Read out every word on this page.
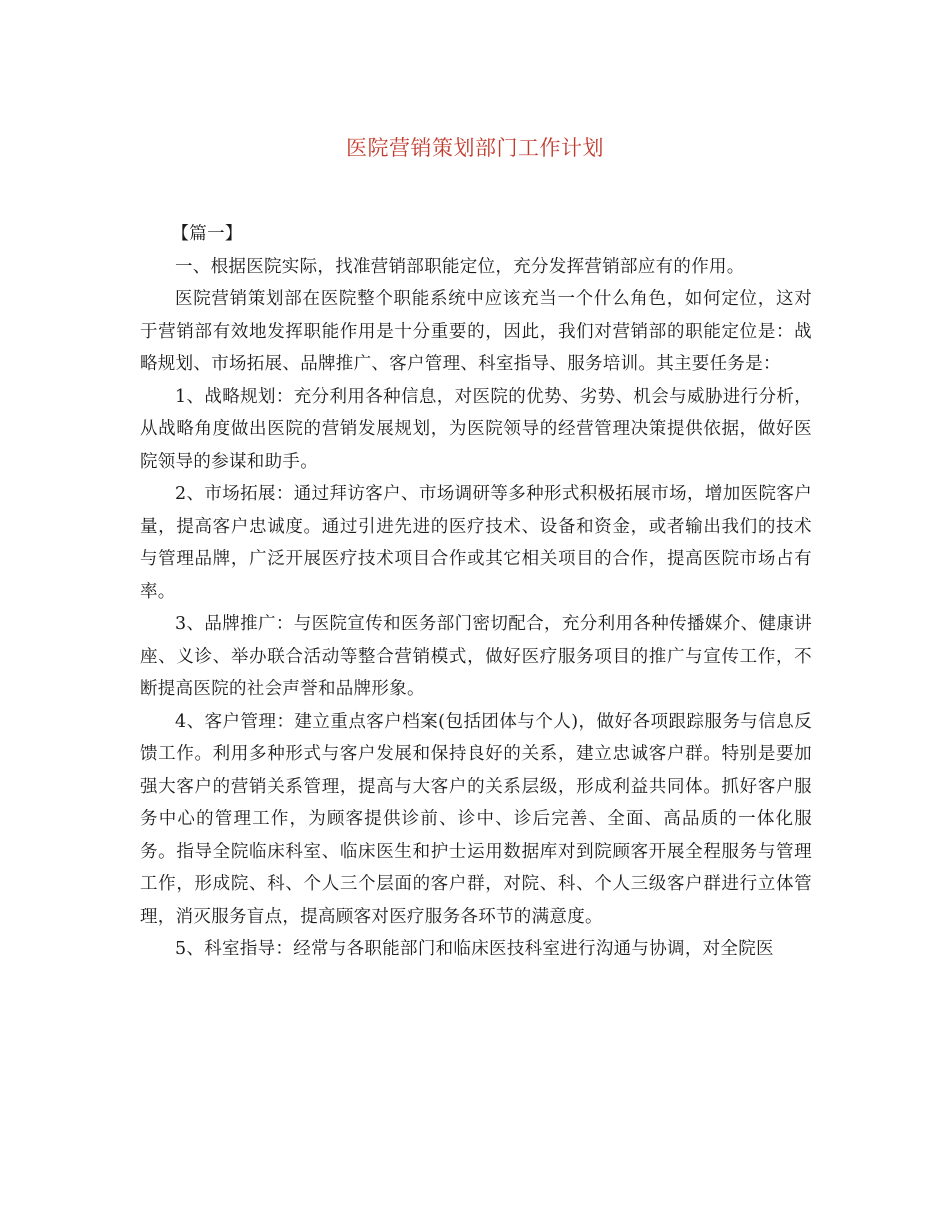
医院营销策划部门工作计划

【篇一】

一、根据医院实际，找准营销部职能定位，充分发挥营销部应有的作用。

医院营销策划部在医院整个职能系统中应该充当一个什么角色，如何定位，这对于营销部有效地发挥职能作用是十分重要的，因此，我们对营销部的职能定位是：战略规划、市场拓展、品牌推广、客户管理、科室指导、服务培训。其主要任务是：

1、战略规划：充分利用各种信息，对医院的优势、劣势、机会与威胁进行分析，从战略角度做出医院的营销发展规划，为医院领导的经营管理决策提供依据，做好医院领导的参谋和助手。

2、市场拓展：通过拜访客户、市场调研等多种形式积极拓展市场，增加医院客户量，提高客户忠诚度。通过引进先进的医疗技术、设备和资金，或者输出我们的技术与管理品牌，广泛开展医疗技术项目合作或其它相关项目的合作，提高医院市场占有率。

3、品牌推广：与医院宣传和医务部门密切配合，充分利用各种传播媒介、健康讲座、义诊、举办联合活动等整合营销模式，做好医疗服务项目的推广与宣传工作，不断提高医院的社会声誉和品牌形象。

4、客户管理：建立重点客户档案(包括团体与个人)，做好各项跟踪服务与信息反馈工作。利用多种形式与客户发展和保持良好的关系，建立忠诚客户群。特别是要加强大客户的营销关系管理，提高与大客户的关系层级，形成利益共同体。抓好客户服务中心的管理工作，为顾客提供诊前、诊中、诊后完善、全面、高品质的一体化服务。指导全院临床科室、临床医生和护士运用数据库对到院顾客开展全程服务与管理工作，形成院、科、个人三个层面的客户群，对院、科、个人三级客户群进行立体管理，消灭服务盲点，提高顾客对医疗服务各环节的满意度。

5、科室指导：经常与各职能部门和临床医技科室进行沟通与协调，对全院医
